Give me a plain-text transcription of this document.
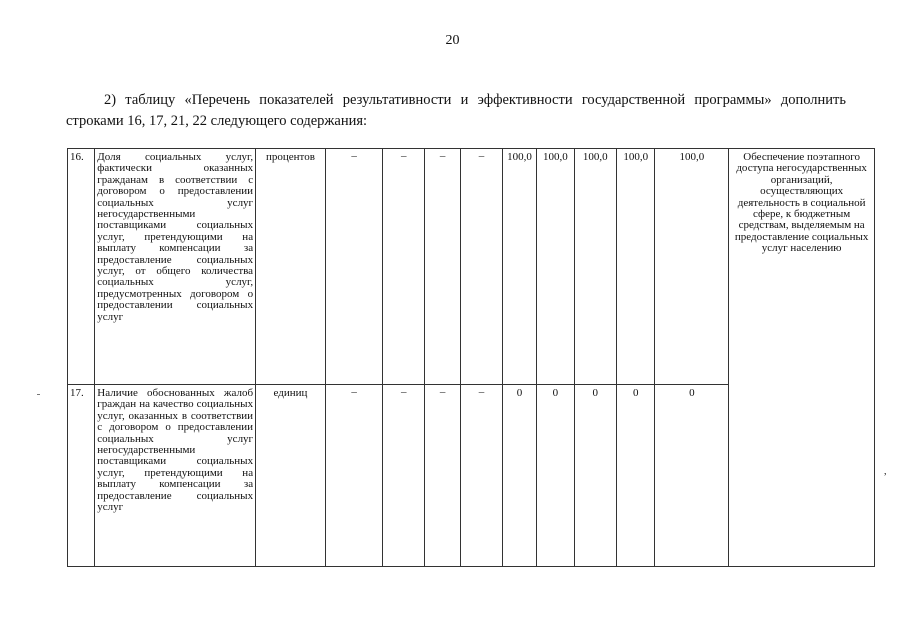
20
2) таблицу «Перечень показателей результативности и эффективности государственной программы» дополнить строками 16, 17, 21, 22 следующего содержания:
16.	Доля социальных услуг, фактически оказанных гражданам в соответствии с договором о предоставлении социальных услуг негосударственными поставщиками социальных услуг, претендующими на выплату компенсации за предоставление социальных услуг, от общего количества социальных услуг, предусмотренных договором о предоставлении социальных услуг	процентов	–	–	–	–	100,0	100,0	100,0	100,0	100,0	Обеспечение поэтапного доступа негосударственных организаций, осуществляющих деятельность в социальной сфере, к бюджетным средствам, выделяемым на предоставление социальных услуг населению
17.	Наличие обоснованных жалоб граждан на качество социальных услуг, оказанных в соответствии с договором о предоставлении социальных услуг негосударственными поставщиками социальных услуг, претендующими на выплату компенсации за предоставление социальных услуг	единиц	–	–	–	–	0	0	0	0	0	
,
